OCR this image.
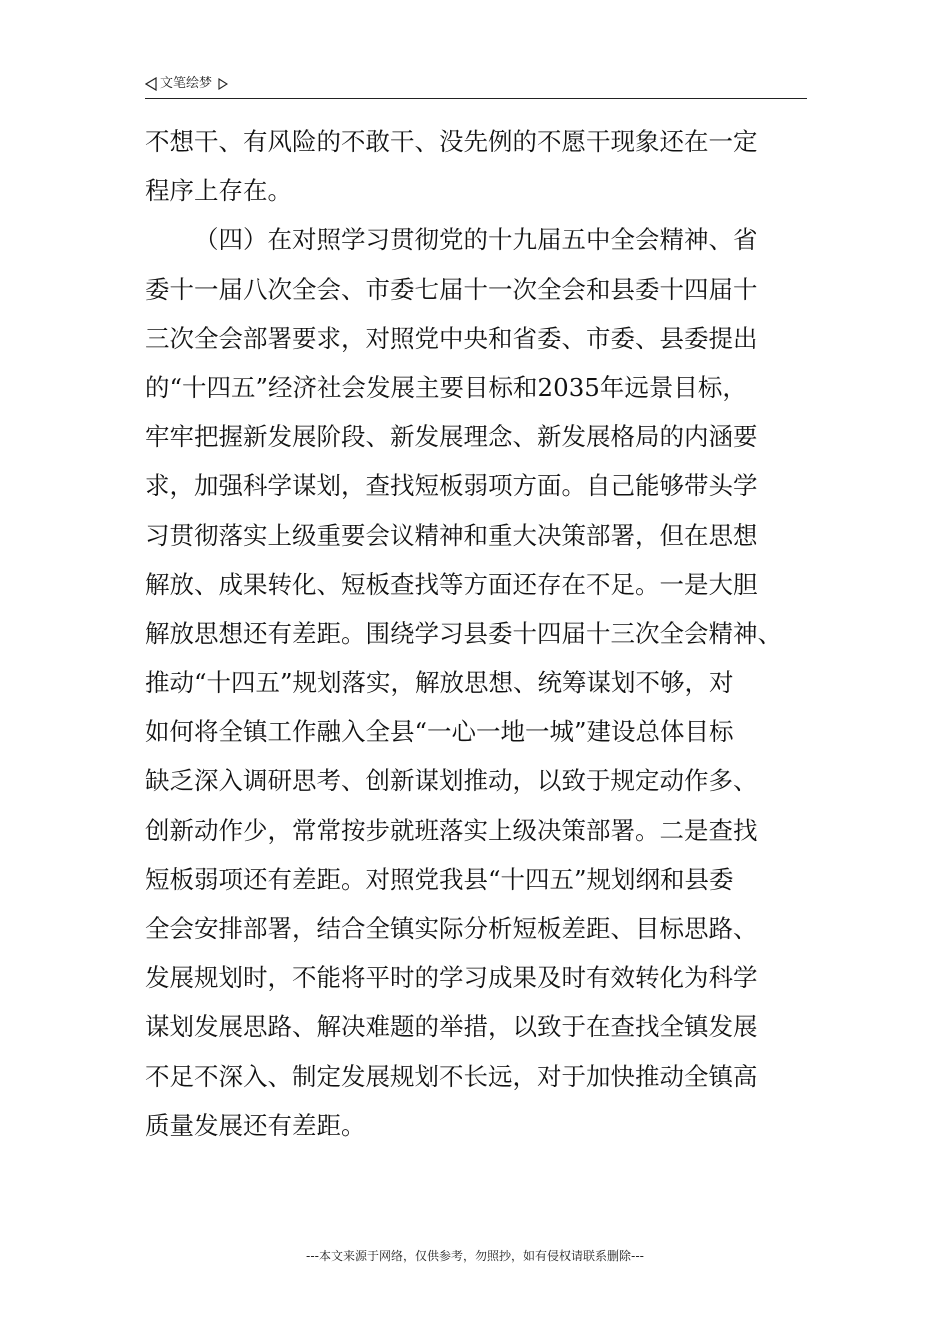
文笔绘梦
不想干、有风险的不敢干、没先例的不愿干现象还在一定
程序上存在。
（四）在对照学习贯彻党的十九届五中全会精神、省
委十一届八次全会、市委七届十一次全会和县委十四届十
三次全会部署要求，对照党中央和省委、市委、县委提出
的“十四五”经济社会发展主要目标和2035年远景目标，
牢牢把握新发展阶段、新发展理念、新发展格局的内涵要
求，加强科学谋划，查找短板弱项方面。自己能够带头学
习贯彻落实上级重要会议精神和重大决策部署，但在思想
解放、成果转化、短板查找等方面还存在不足。一是大胆
解放思想还有差距。围绕学习县委十四届十三次全会精神、
推动“十四五”规划落实，解放思想、统筹谋划不够，对
如何将全镇工作融入全县“一心一地一城”建设总体目标
缺乏深入调研思考、创新谋划推动，以致于规定动作多、
创新动作少，常常按步就班落实上级决策部署。二是查找
短板弱项还有差距。对照党我县“十四五”规划纲和县委
全会安排部署，结合全镇实际分析短板差距、目标思路、
发展规划时，不能将平时的学习成果及时有效转化为科学
谋划发展思路、解决难题的举措，以致于在查找全镇发展
不足不深入、制定发展规划不长远，对于加快推动全镇高
质量发展还有差距。
---本文来源于网络，仅供参考，勿照抄，如有侵权请联系删除---
